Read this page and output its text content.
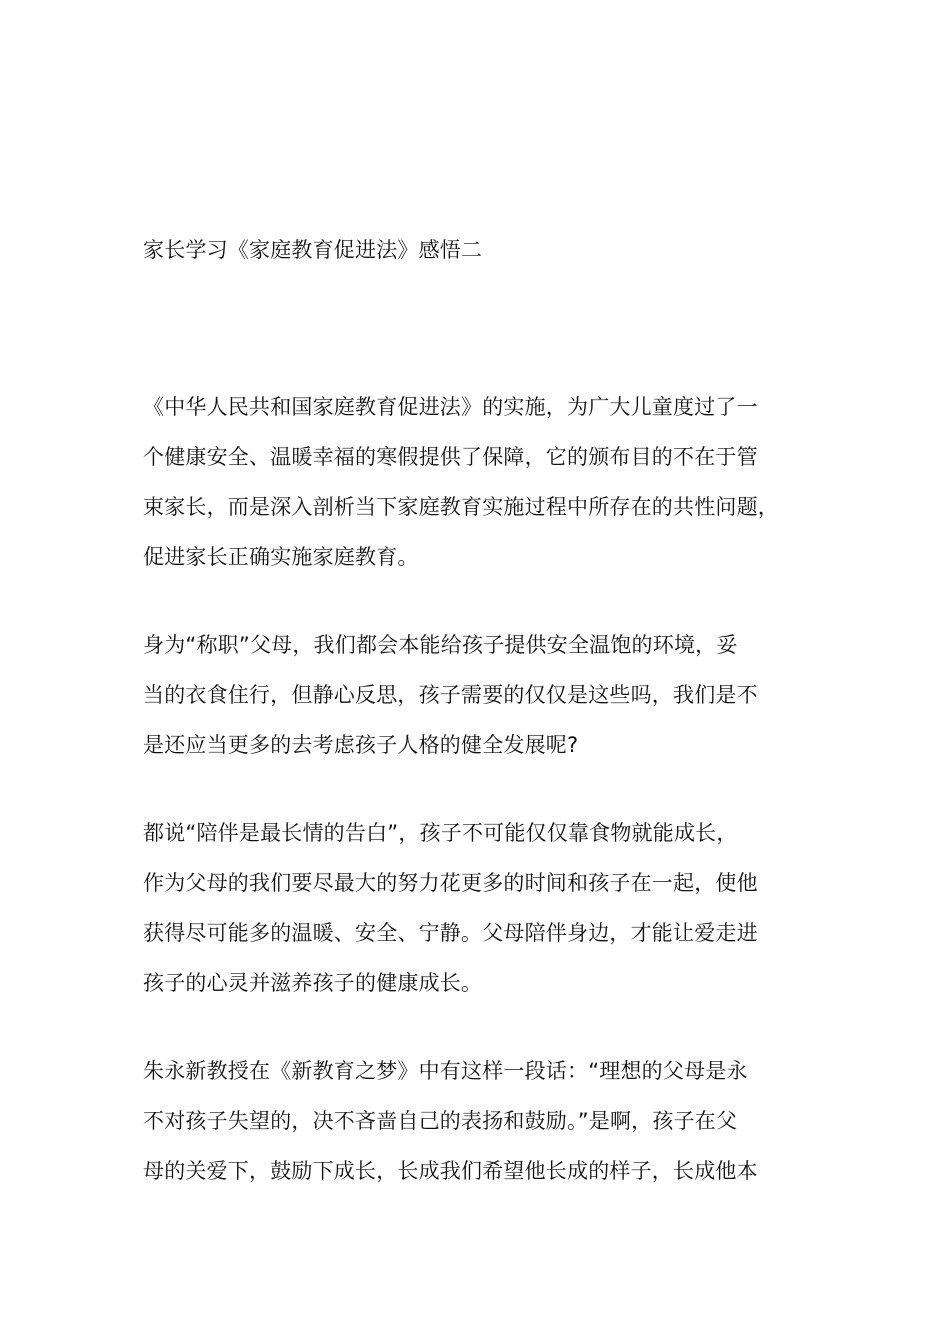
家长学习《家庭教育促进法》感悟二

《中华人民共和国家庭教育促进法》的实施，为广大儿童度过了一
个健康安全、温暖幸福的寒假提供了保障，它的颁布目的不在于管
束家长，而是深入剖析当下家庭教育实施过程中所存在的共性问题，
促进家长正确实施家庭教育。

身为“称职”父母，我们都会本能给孩子提供安全温饱的环境，妥
当的衣食住行，但静心反思，孩子需要的仅仅是这些吗，我们是不
是还应当更多的去考虑孩子人格的健全发展呢?

都说“陪伴是最长情的告白”，孩子不可能仅仅靠食物就能成长，
作为父母的我们要尽最大的努力花更多的时间和孩子在一起，使他
获得尽可能多的温暖、安全、宁静。父母陪伴身边，才能让爱走进
孩子的心灵并滋养孩子的健康成长。

朱永新教授在《新教育之梦》中有这样一段话：“理想的父母是永
不对孩子失望的，决不吝啬自己的表扬和鼓励。”是啊，孩子在父
母的关爱下，鼓励下成长，长成我们希望他长成的样子，长成他本
